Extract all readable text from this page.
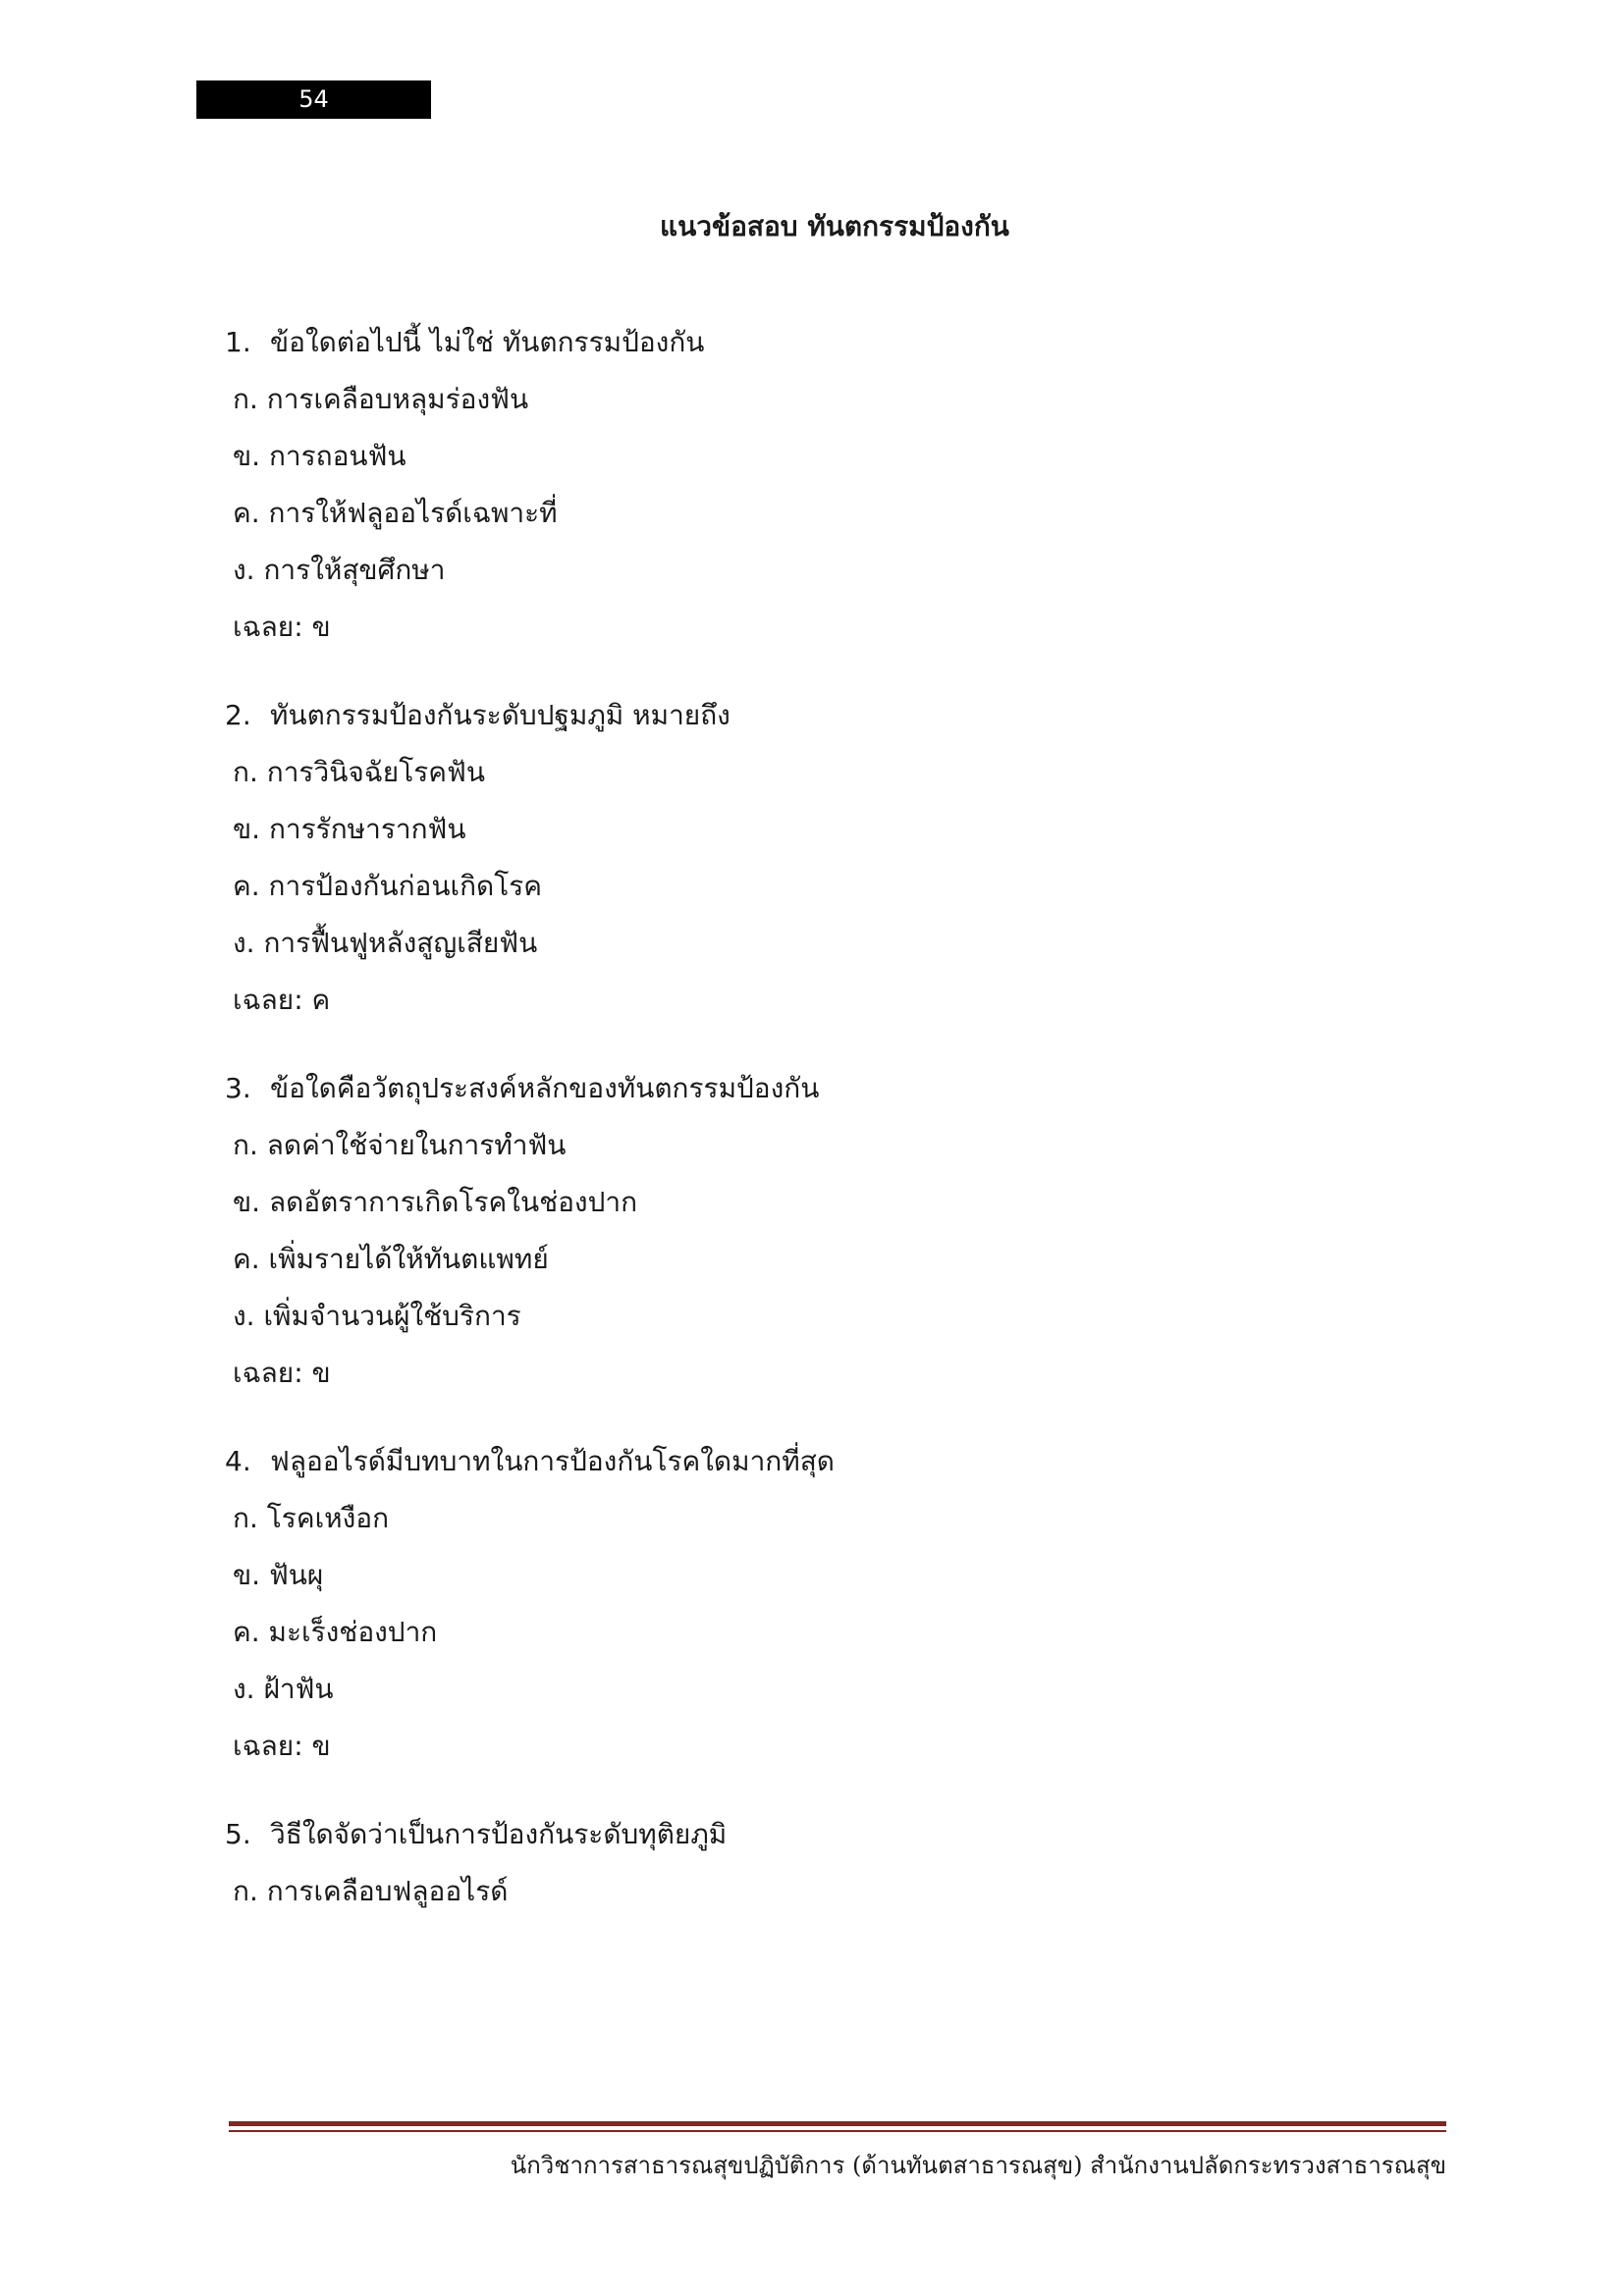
54
แนวข้อสอบ ทันตกรรมป้องกัน
1. ข้อใดต่อไปนี้ ไม่ใช่ ทันตกรรมป้องกัน
ก. การเคลือบหลุมร่องฟัน
ข. การถอนฟัน
ค. การให้ฟลูออไรด์เฉพาะที่
ง. การให้สุขศึกษา
เฉลย: ข
2. ทันตกรรมป้องกันระดับปฐมภูมิ หมายถึง
ก. การวินิจฉัยโรคฟัน
ข. การรักษารากฟัน
ค. การป้องกันก่อนเกิดโรค
ง. การฟื้นฟูหลังสูญเสียฟัน
เฉลย: ค
3. ข้อใดคือวัตถุประสงค์หลักของทันตกรรมป้องกัน
ก. ลดค่าใช้จ่ายในการทำฟัน
ข. ลดอัตราการเกิดโรคในช่องปาก
ค. เพิ่มรายได้ให้ทันตแพทย์
ง. เพิ่มจำนวนผู้ใช้บริการ
เฉลย: ข
4. ฟลูออไรด์มีบทบาทในการป้องกันโรคใดมากที่สุด
ก. โรคเหงือก
ข. ฟันผุ
ค. มะเร็งช่องปาก
ง. ฝ้าฟัน
เฉลย: ข
5. วิธีใดจัดว่าเป็นการป้องกันระดับทุติยภูมิ
ก. การเคลือบฟลูออไรด์
นักวิชาการสาธารณสุขปฏิบัติการ (ด้านทันตสาธารณสุข) สำนักงานปลัดกระทรวงสาธารณสุข
